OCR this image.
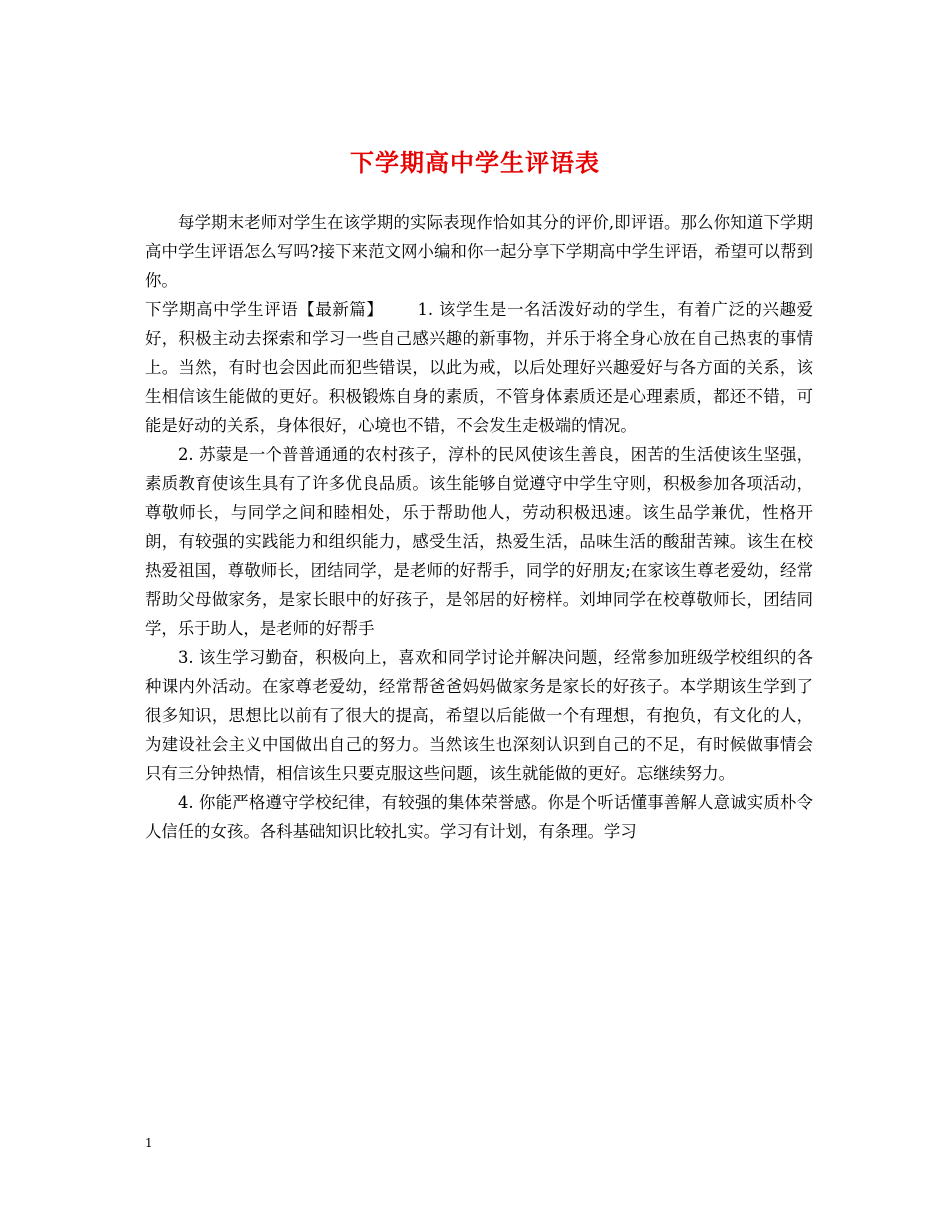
下学期高中学生评语表

每学期末老师对学生在该学期的实际表现作恰如其分的评价,即评语。那么你知道下学期高中学生评语怎么写吗?接下来范文网小编和你一起分享下学期高中学生评语，希望可以帮到你。

下学期高中学生评语【最新篇】 1. 该学生是一名活泼好动的学生，有着广泛的兴趣爱好，积极主动去探索和学习一些自己感兴趣的新事物，并乐于将全身心放在自己热衷的事情上。当然，有时也会因此而犯些错误，以此为戒，以后处理好兴趣爱好与各方面的关系，该生相信该生能做的更好。积极锻炼自身的素质，不管身体素质还是心理素质，都还不错，可能是好动的关系，身体很好，心境也不错，不会发生走极端的情况。

2. 苏蒙是一个普普通通的农村孩子，淳朴的民风使该生善良，困苦的生活使该生坚强，素质教育使该生具有了许多优良品质。该生能够自觉遵守中学生守则，积极参加各项活动，尊敬师长，与同学之间和睦相处，乐于帮助他人，劳动积极迅速。该生品学兼优，性格开朗，有较强的实践能力和组织能力，感受生活，热爱生活，品味生活的酸甜苦辣。该生在校热爱祖国，尊敬师长，团结同学，是老师的好帮手，同学的好朋友;在家该生尊老爱幼，经常帮助父母做家务，是家长眼中的好孩子，是邻居的好榜样。刘坤同学在校尊敬师长，团结同学，乐于助人，是老师的好帮手

3. 该生学习勤奋，积极向上，喜欢和同学讨论并解决问题，经常参加班级学校组织的各种课内外活动。在家尊老爱幼，经常帮爸爸妈妈做家务是家长的好孩子。本学期该生学到了很多知识，思想比以前有了很大的提高，希望以后能做一个有理想，有抱负，有文化的人，为建设社会主义中国做出自己的努力。当然该生也深刻认识到自己的不足，有时候做事情会只有三分钟热情，相信该生只要克服这些问题，该生就能做的更好。忘继续努力。

4. 你能严格遵守学校纪律，有较强的集体荣誉感。你是个听话懂事善解人意诚实质朴令人信任的女孩。各科基础知识比较扎实。学习有计划，有条理。学习

1
